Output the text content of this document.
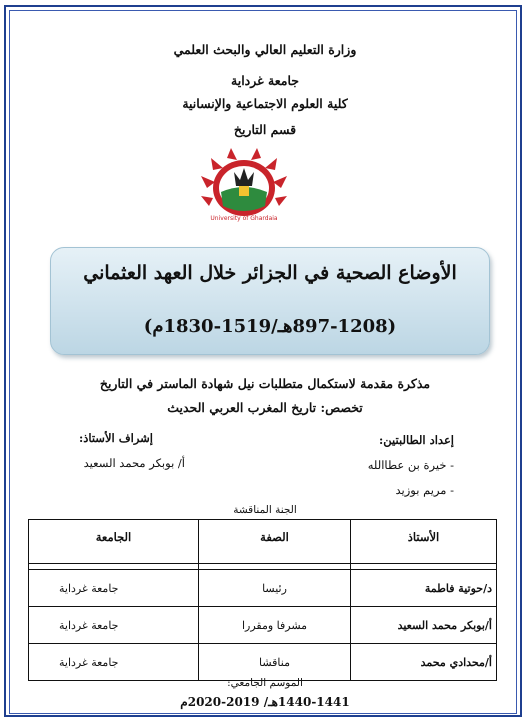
وزارة التعليم العالي والبحث العلمي
جامعة غرداية
كلية العلوم الاجتماعية والإنسانية
قسم التاريخ
University of Ghardaia
الأوضاع الصحية في الجزائر خلال العهد العثماني
(897-1208هـ/1519-1830م)
مذكرة مقدمة لاستكمال متطلبات نيل شهادة الماستر في التاريخ
تخصص: تاريخ المغرب العربي الحديث
إعداد الطالبتين:
- خيرة بن عطاالله
- مريم بوزيد
إشراف الأستاذ:
أ/ بوبكر محمد السعيد
الجنة المناقشة
الأستاذ	الصفة	الجامعة

د/حوتية فاطمة	رئيسا	جامعة غرداية
أ/بوبكر محمد السعيد	مشرفا ومقررا	جامعة غرداية
أ/محدادي محمد	مناقشا	جامعة غرداية
الموسم الجامعي:
1440-1441هـ/ 2019-2020م
